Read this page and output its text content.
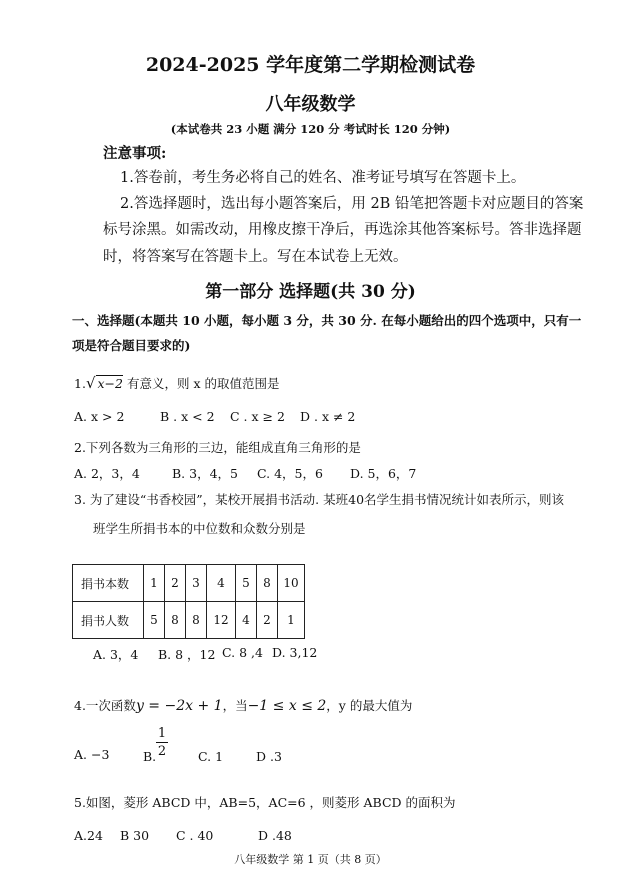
2024-2025 学年度第二学期检测试卷
八年级数学
(本试卷共 23 小题 满分 120 分 考试时长 120 分钟)
注意事项:
1.答卷前，考生务必将自己的姓名、准考证号填写在答题卡上。
2.答选择题时，选出每小题答案后，用 2B 铅笔把答题卡对应题目的答案
标号涂黑。如需改动，用橡皮擦干净后，再选涂其他答案标号。答非选择题
时，将答案写在答题卡上。写在本试卷上无效。
第一部分 选择题(共 30 分)
一、选择题(本题共 10 小题，每小题 3 分，共 30 分. 在每小题给出的四个选项中，只有一
项是符合题目要求的)
1.√ x−2 有意义，则 x 的取值范围是
A. x > 2	B . x < 2 C . x ≥ 2 D . x ≠ 2
2.下列各数为三角形的三边，能组成直角三角形的是
A. 2，3，4	B. 3，4，5 C. 4，5，6 D. 5，6，7
3. 为了建设“书香校园”，某校开展捐书活动. 某班40名学生捐书情况统计如表所示，则该
班学生所捐书本的中位数和众数分别是
捐书本数	1	2	3	4	5	8	10
捐书人数	5	8	8	12	4	2	1
A. 3，4 B. 8 ，12 C. 8 ,4 D. 3,12
4.一次函数y = −2x + 1，当−1 ≤ x ≤ 2，y 的最大值为
A. −3	B.
1
2	C. 1	D .3
5.如图，菱形 ABCD 中，AB=5，AC=6 ，则菱形 ABCD 的面积为
A.24 B 30 C . 40	D .48
八年级数学 第 1 页（共 8 页）
